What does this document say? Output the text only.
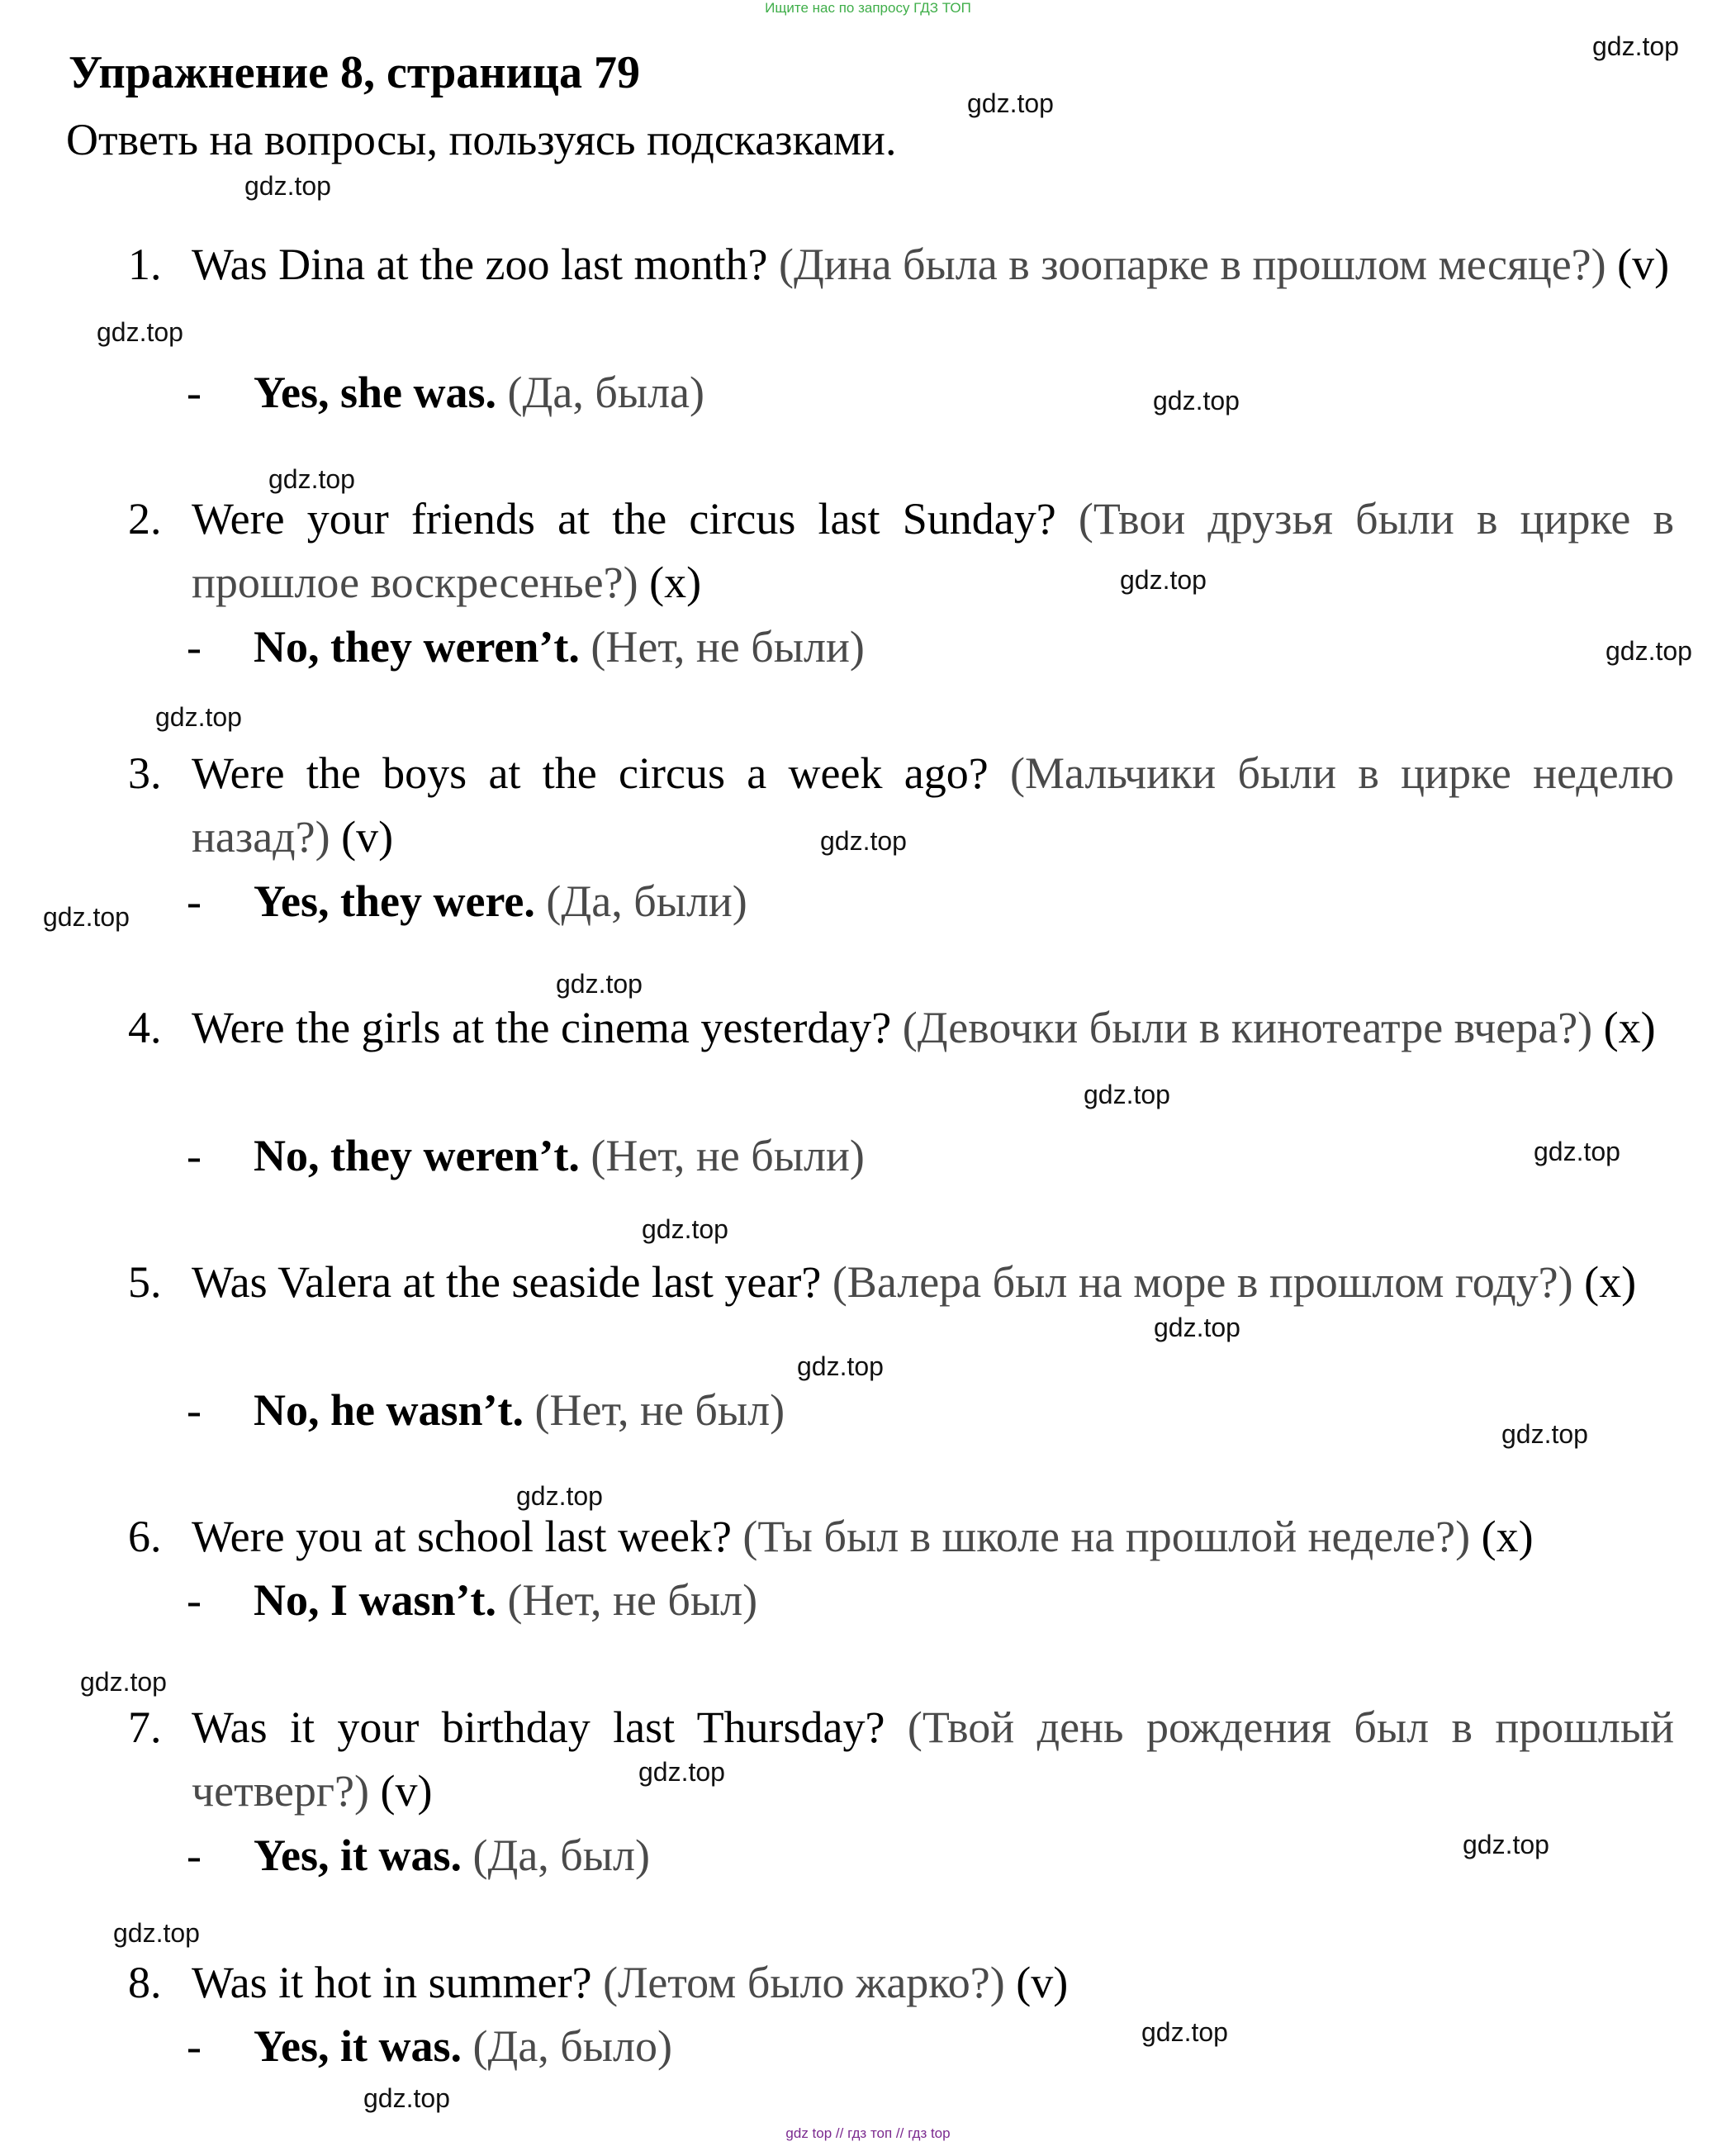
Ищите нас по запросу ГДЗ ТОП
Упражнение 8, страница 79

Ответь на вопросы, пользуясь подсказками.

1. Was Dina at the zoo last month? (Дина была в зоопарке в прошлом месяце?) (v)

- Yes, she was. (Да, была)

2. Were your friends at the circus last Sunday? (Твои друзья были в цирке в прошлое воскресенье?) (x)

- No, they weren’t. (Нет, не были)

3. Were the boys at the circus a week ago? (Мальчики были в цирке неделю назад?) (v)

- Yes, they were. (Да, были)

4. Were the girls at the cinema yesterday? (Девочки были в кинотеатре вчера?) (x)

- No, they weren’t. (Нет, не были)

5. Was Valera at the seaside last year? (Валера был на море в прошлом году?) (x)

- No, he wasn’t. (Нет, не был)

6. Were you at school last week? (Ты был в школе на прошлой неделе?) (x)

- No, I wasn’t. (Нет, не был)

7. Was it your birthday last Thursday? (Твой день рождения был в прошлый четверг?) (v)

- Yes, it was. (Да, был)

8. Was it hot in summer? (Летом было жарко?) (v)

- Yes, it was. (Да, было)
gdz.top
gdz.top
gdz.top
gdz.top
gdz.top
gdz.top
gdz.top
gdz.top
gdz.top
gdz.top
gdz.top
gdz.top
gdz.top
gdz.top
gdz.top
gdz.top
gdz.top
gdz.top
gdz.top
gdz.top
gdz.top
gdz.top
gdz.top
gdz.top
gdz.top
gdz top // гдз топ // гдз top
